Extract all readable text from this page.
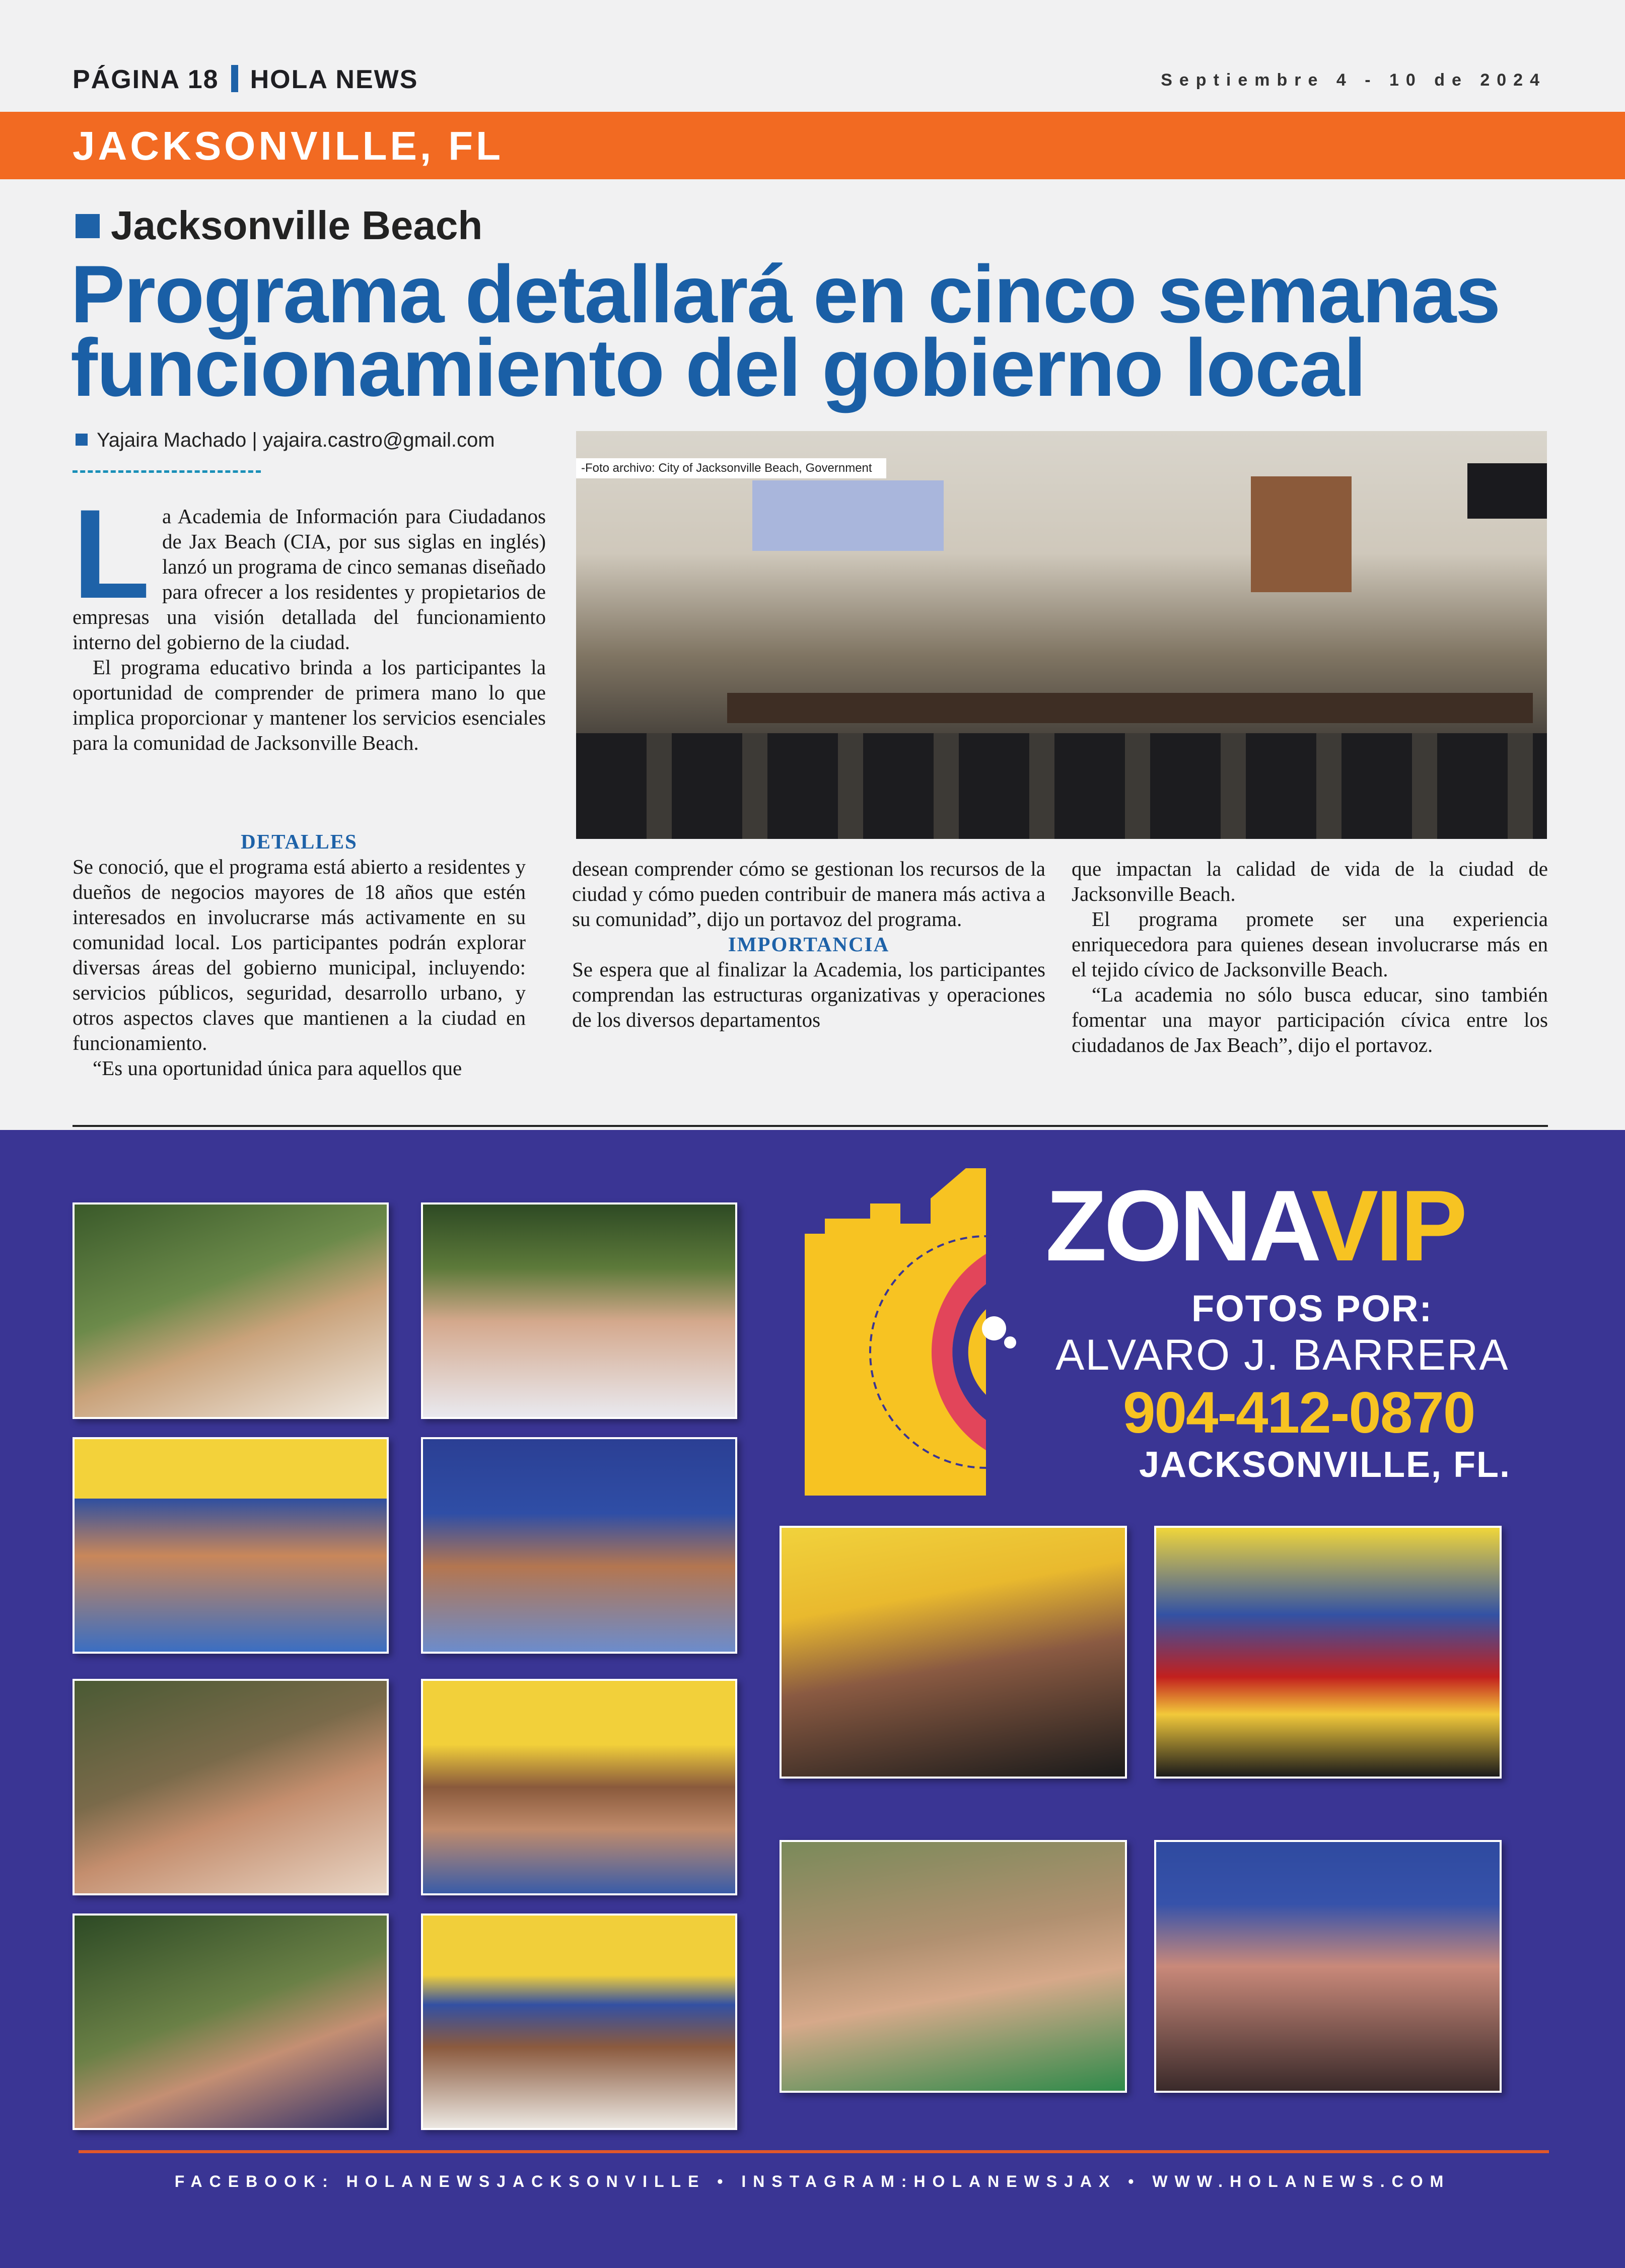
PÁGINA 18 HOLA NEWS	Septiembre 4 - 10 de 2024
JACKSONVILLE, FL
Jacksonville Beach
Programa detallará en cinco semanas funcionamiento del gobierno local
Yajaira Machado | yajaira.castro@gmail.com
-Foto archivo: City of Jacksonville Beach, Government
L a Academia de Información para Ciudadanos de Jax Beach (CIA, por sus siglas en inglés) lanzó un programa de cinco semanas diseñado para ofrecer a los residentes y propietarios de empresas una visión detallada del funcionamiento interno del gobierno de la ciudad.

El programa educativo brinda a los participantes la oportunidad de comprender de primera mano lo que implica proporcionar y mantener los servicios esenciales para la comunidad de Jacksonville Beach.

DETALLES

Se conoció, que el programa está abierto a residentes y dueños de negocios mayores de 18 años que estén interesados en involucrarse más activamente en su comunidad local. Los participantes podrán explorar diversas áreas del gobierno municipal, incluyendo: servicios públicos, seguridad, desarrollo urbano, y otros aspectos claves que mantienen a la ciudad en funcionamiento.

“Es una oportunidad única para aquellos que

desean comprender cómo se gestionan los recursos de la ciudad y cómo pueden contribuir de manera más activa a su comunidad”, dijo un portavoz del programa.

IMPORTANCIA

Se espera que al finalizar la Academia, los participantes comprendan las estructuras organizativas y operaciones de los diversos departamentos

que impactan la calidad de vida de la ciudad de Jacksonville Beach.

El programa promete ser una experiencia enriquecedora para quienes desean involucrarse más en el tejido cívico de Jacksonville Beach.

“La academia no sólo busca educar, sino también fomentar una mayor participación cívica entre los ciudadanos de Jax Beach”, dijo el portavoz.

ZONAVIP
FOTOS POR:
ALVARO J. BARRERA
904-412-0870
JACKSONVILLE, FL.
FACEBOOK: HOLANEWSJACKSONVILLE • INSTAGRAM:HOLANEWSJAX • WWW.HOLANEWS.COM
